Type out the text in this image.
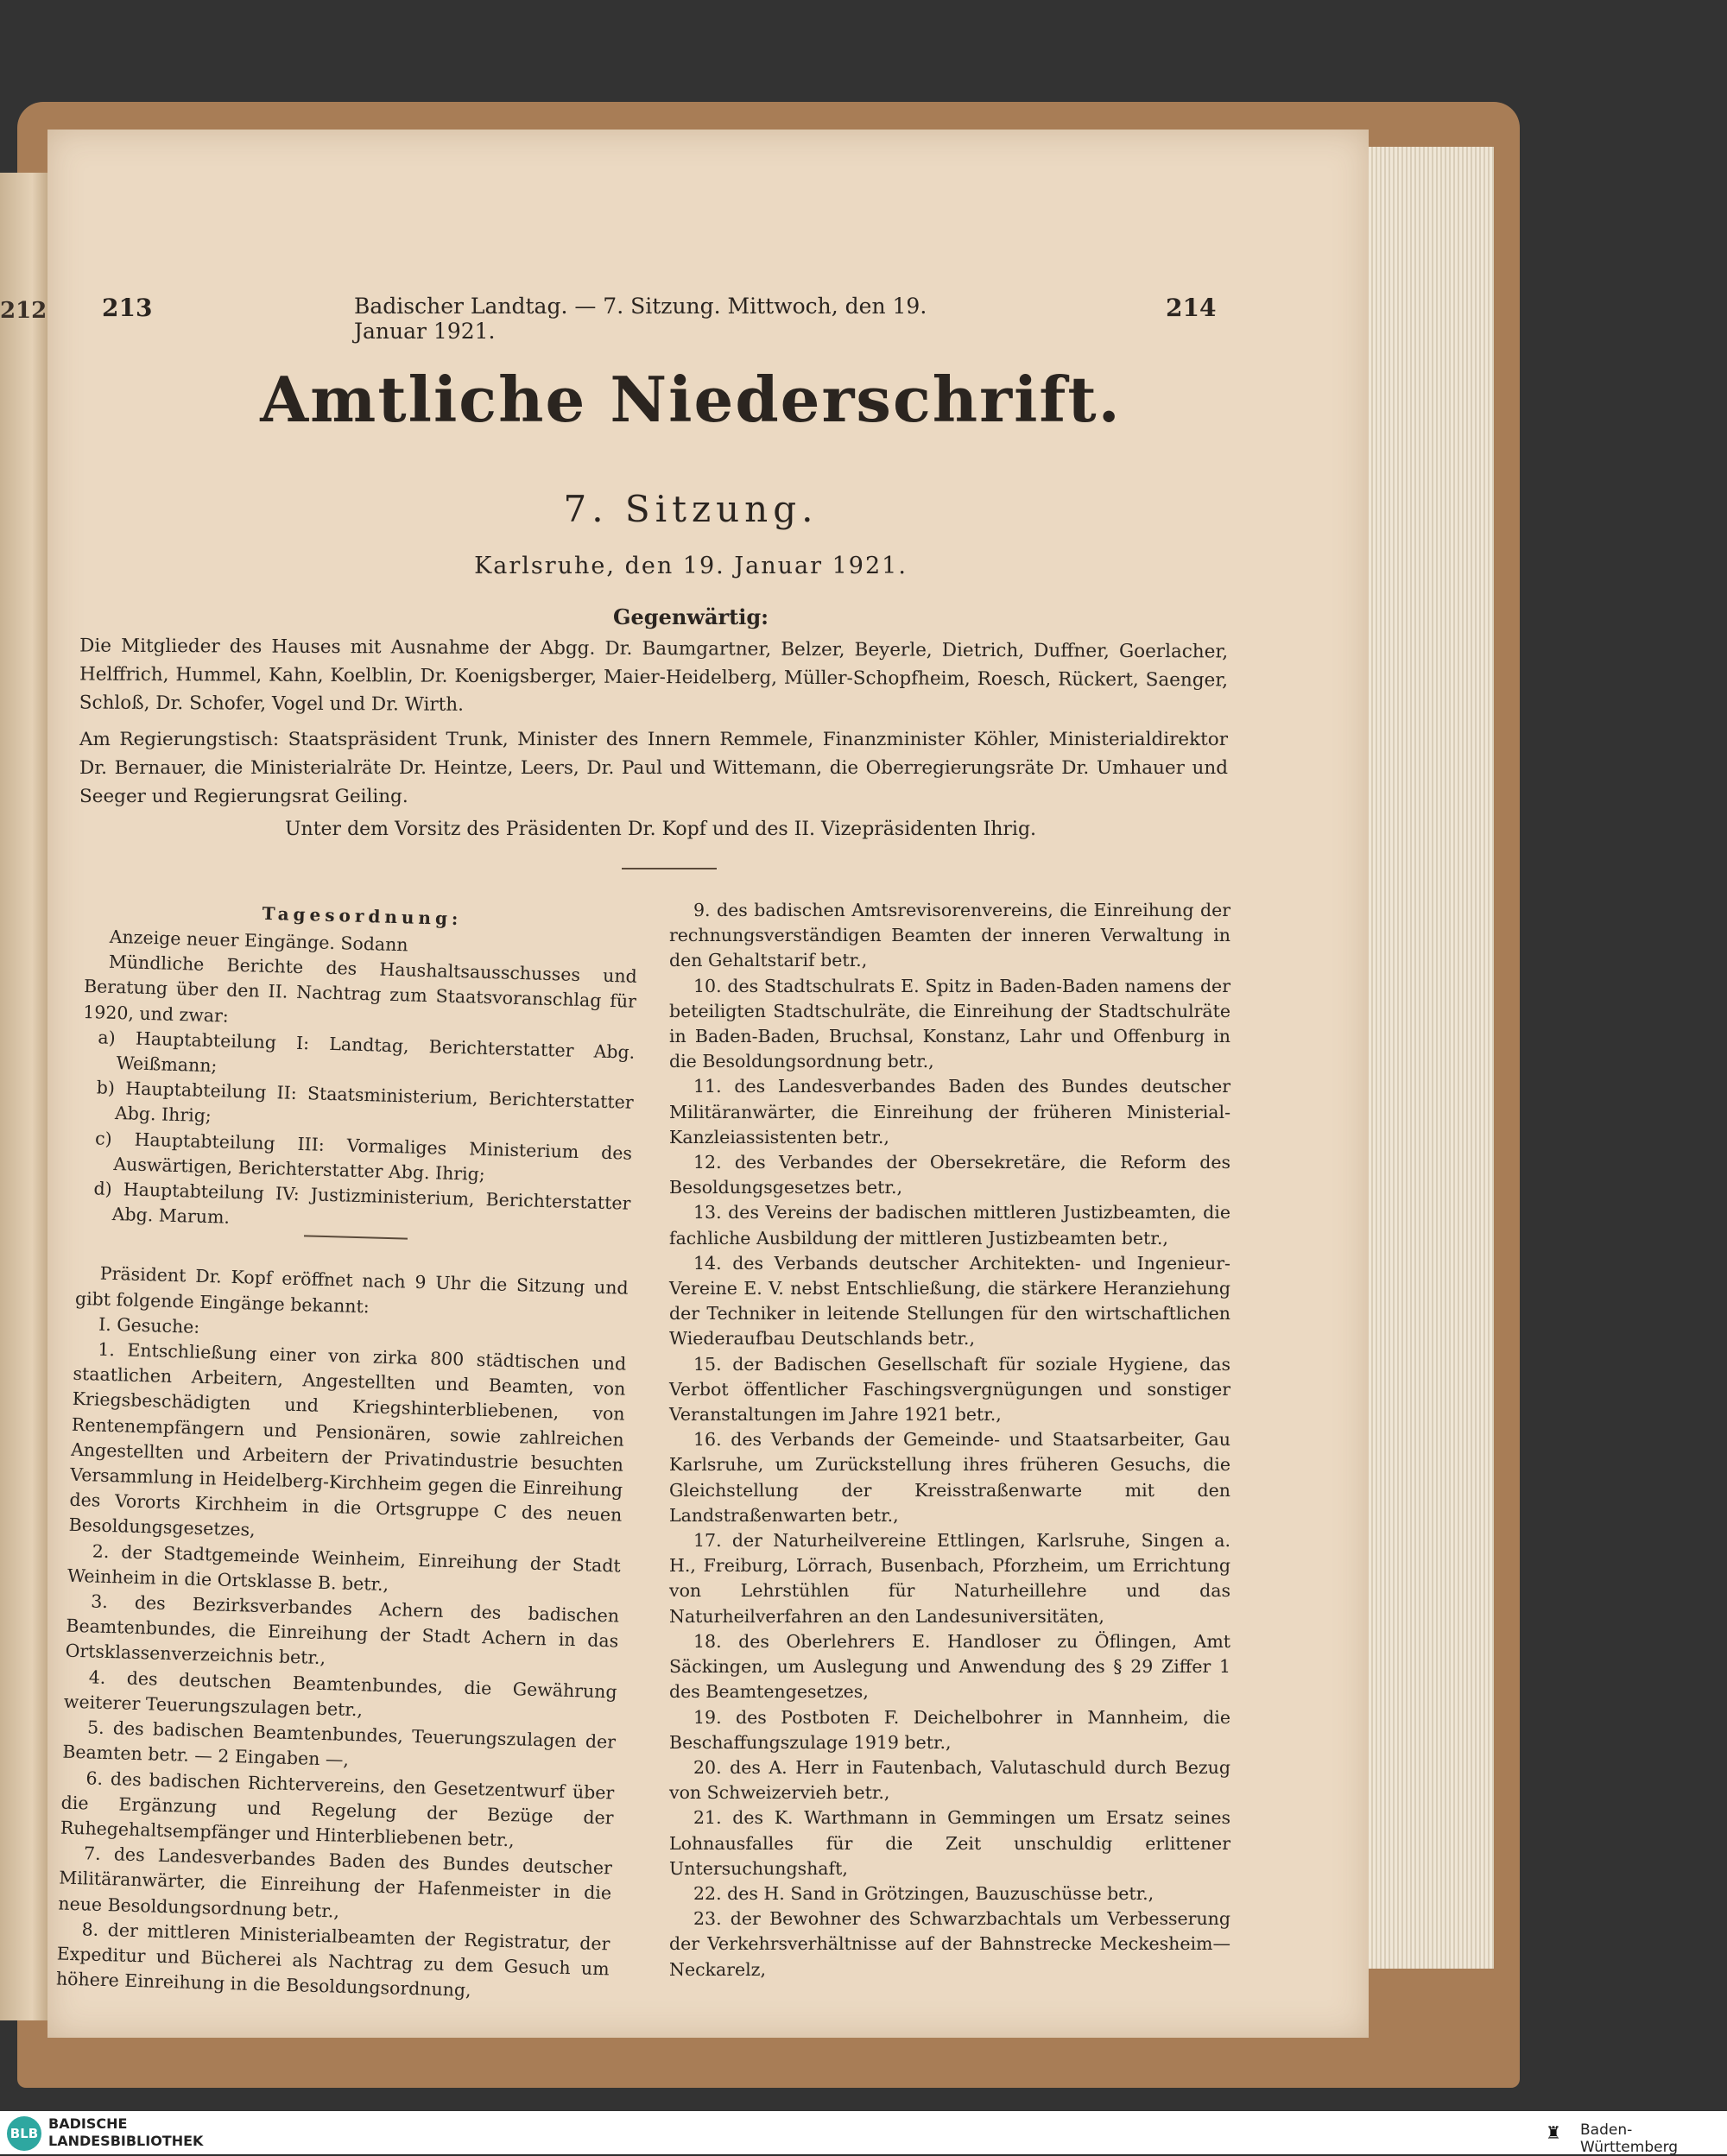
212 213	Badischer Landtag. — 7. Sitzung. Mittwoch, den 19. Januar 1921.
214
Amtliche Niederschrift.
7. Sitzung.
Karlsruhe, den 19. Januar 1921.
Gegenwärtig:
Die Mitglieder des Hauses mit Ausnahme der Abgg. Dr. Baumgartner, Belzer, Beyerle, Dietrich, Duffner, Goerlacher, Helffrich, Hummel, Kahn, Koelblin, Dr. Koenigsberger, Maier-Heidelberg, Müller-Schopfheim, Roesch, Rückert, Saenger, Schloß, Dr. Schofer, Vogel und Dr. Wirth.
Am Regierungstisch: Staatspräsident Trunk, Minister des Innern Remmele, Finanzminister Köhler, Ministerialdirektor Dr. Bernauer, die Ministerialräte Dr. Heintze, Leers, Dr. Paul und Wittemann, die Oberregierungsräte Dr. Umhauer und Seeger und Regierungsrat Geiling.
Unter dem Vorsitz des Präsidenten Dr. Kopf und des II. Vizepräsidenten Ihrig.
Tagesordnung:

Anzeige neuer Eingänge. Sodann

Mündliche Berichte des Haushaltsausschusses und Beratung über den II. Nachtrag zum Staatsvoranschlag für 1920, und zwar:

a) Hauptabteilung I: Landtag, Berichterstatter Abg. Weißmann;

b) Hauptabteilung II: Staatsministerium, Berichterstatter Abg. Ihrig;

c) Hauptabteilung III: Vormaliges Ministerium des Auswärtigen, Berichterstatter Abg. Ihrig;

d) Hauptabteilung IV: Justizministerium, Berichterstatter Abg. Marum.

Präsident Dr. Kopf eröffnet nach 9 Uhr die Sitzung und gibt folgende Eingänge bekannt:

I. Gesuche:

1. Entschließung einer von zirka 800 städtischen und staatlichen Arbeitern, Angestellten und Beamten, von Kriegsbeschädigten und Kriegshinterbliebenen, von Rentenempfängern und Pensionären, sowie zahlreichen Angestellten und Arbeitern der Privatindustrie besuchten Versammlung in Heidelberg-Kirchheim gegen die Einreihung des Vororts Kirchheim in die Ortsgruppe C des neuen Besoldungsgesetzes,

2. der Stadtgemeinde Weinheim, Einreihung der Stadt Weinheim in die Ortsklasse B. betr.,

3. des Bezirksverbandes Achern des badischen Beamtenbundes, die Einreihung der Stadt Achern in das Ortsklassenverzeichnis betr.,

4. des deutschen Beamtenbundes, die Gewährung weiterer Teuerungszulagen betr.,

5. des badischen Beamtenbundes, Teuerungszulagen der Beamten betr. — 2 Eingaben —,

6. des badischen Richtervereins, den Gesetzentwurf über die Ergänzung und Regelung der Bezüge der Ruhegehaltsempfänger und Hinterbliebenen betr.,

7. des Landesverbandes Baden des Bundes deutscher Militäranwärter, die Einreihung der Hafenmeister in die neue Besoldungsordnung betr.,

8. der mittleren Ministerialbeamten der Registratur, der Expeditur und Bücherei als Nachtrag zu dem Gesuch um höhere Einreihung in die Besoldungsordnung,

9. des badischen Amtsrevisorenvereins, die Einreihung der rechnungsverständigen Beamten der inneren Verwaltung in den Gehaltstarif betr.,

10. des Stadtschulrats E. Spitz in Baden-Baden namens der beteiligten Stadtschulräte, die Einreihung der Stadtschulräte in Baden-Baden, Bruchsal, Konstanz, Lahr und Offenburg in die Besoldungsordnung betr.,

11. des Landesverbandes Baden des Bundes deutscher Militäranwärter, die Einreihung der früheren Ministerial-Kanzleiassistenten betr.,

12. des Verbandes der Obersekretäre, die Reform des Besoldungsgesetzes betr.,

13. des Vereins der badischen mittleren Justizbeamten, die fachliche Ausbildung der mittleren Justizbeamten betr.,

14. des Verbands deutscher Architekten- und Ingenieur-Vereine E. V. nebst Entschließung, die stärkere Heranziehung der Techniker in leitende Stellungen für den wirtschaftlichen Wiederaufbau Deutschlands betr.,

15. der Badischen Gesellschaft für soziale Hygiene, das Verbot öffentlicher Faschingsvergnügungen und sonstiger Veranstaltungen im Jahre 1921 betr.,

16. des Verbands der Gemeinde- und Staatsarbeiter, Gau Karlsruhe, um Zurückstellung ihres früheren Gesuchs, die Gleichstellung der Kreisstraßenwarte mit den Landstraßenwarten betr.,

17. der Naturheilvereine Ettlingen, Karlsruhe, Singen a. H., Freiburg, Lörrach, Busenbach, Pforzheim, um Errichtung von Lehrstühlen für Naturheillehre und das Naturheilverfahren an den Landesuniversitäten,

18. des Oberlehrers E. Handloser zu Öflingen, Amt Säckingen, um Auslegung und Anwendung des § 29 Ziffer 1 des Beamtengesetzes,

19. des Postboten F. Deichelbohrer in Mannheim, die Beschaffungszulage 1919 betr.,

20. des A. Herr in Fautenbach, Valutaschuld durch Bezug von Schweizervieh betr.,

21. des K. Warthmann in Gemmingen um Ersatz seines Lohnausfalles für die Zeit unschuldig erlittener Untersuchungshaft,

22. des H. Sand in Grötzingen, Bauzuschüsse betr.,

23. der Bewohner des Schwarzbachtals um Verbesserung der Verkehrsverhältnisse auf der Bahnstrecke Meckesheim—Neckarelz,

BLB
BADISCHE
LANDESBIBLIOTHEK	♜	Baden-Württemberg
